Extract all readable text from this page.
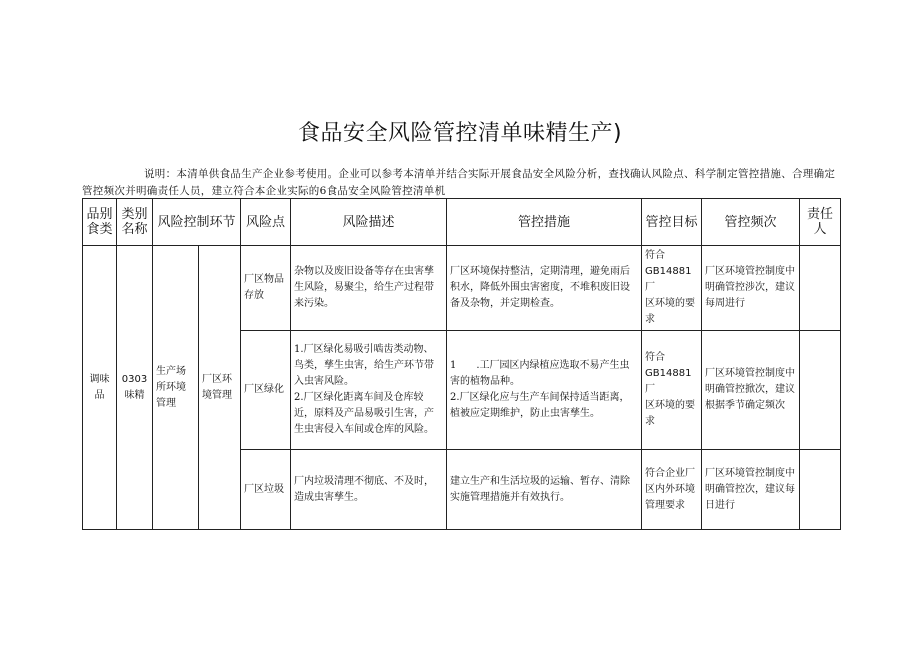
食品安全风险管控清单味精生产)
说明：本清单供食品生产企业参考使用。企业可以参考本清单并结合实际开展食品安全风险分析，查找确认风险点、科学制定管控措施、合理确定管控频次并明确责任人员，建立符合本企业实际的6食品安全风险管控清单机
品别食类	类别名称	风险控制环节		风险点	风险描述	管控措施	管控目标	管控频次	责任人
调味品	0303味精	生产场所环境管理	厂区环境管理	厂区物品存放	杂物以及废旧设备等存在虫害孳生风险，易聚尘，给生产过程带来污染。	厂区环境保持整洁，定期清理，避免雨后积水，降低外围虫害密度，不堆积废旧设备及杂物，并定期检查。	符合
GB14881厂
区环境的要求	厂区环境管控制度中明确管控涉次，建议每周进行	
				厂区绿化	1.厂区绿化易吸引啮齿类动物、鸟类，孳生虫害，给生产环节带入虫害风险。
2.厂区绿化距离车间及仓库较近，原料及产品易吸引生害，产生虫害侵入车间或仓库的风险。	1　　.工厂园区内绿植应选取不易产生虫害的植物品种。
2.厂区绿化应与生产车间保持适当距离，植被应定期维护，防止虫害孳生。	符合
GB14881厂
区环境的要求	厂区环境管控制度中明确管控掀次，建议根据季节确定频次	
				厂区垃圾	厂内垃圾清理不彻底、不及时，造成虫害孳生。	建立生产和生活垃圾的运输、暂存、清除实施管理措施并有效执行。	符合企业厂区内外环境管理要求	厂区环境管控制度中明确管控次，建议每日进行	
